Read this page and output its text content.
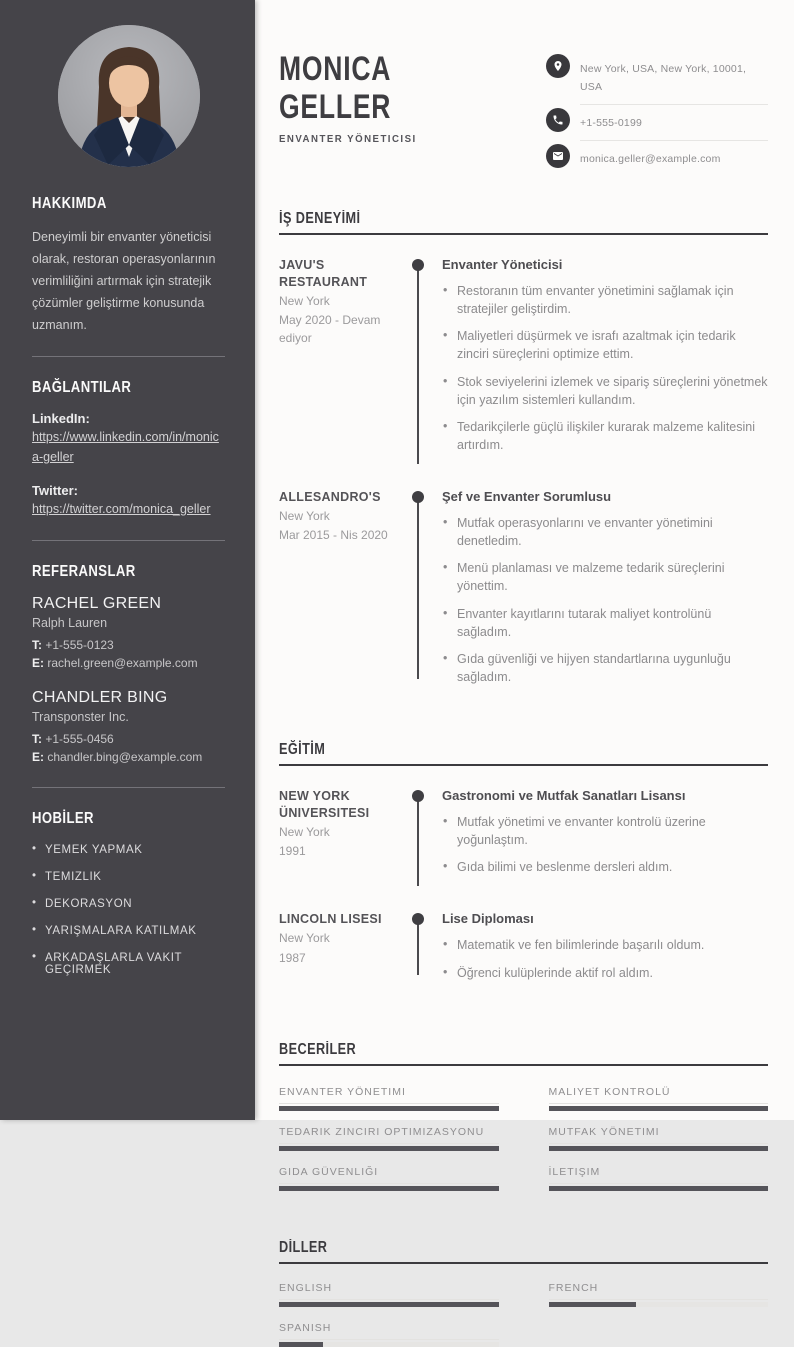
HAKKIMDA

Deneyimli bir envanter yöneticisi olarak, restoran operasyonlarının verimliliğini artırmak için stratejik çözümler geliştirme konusunda uzmanım.

BAĞLANTILAR
LinkedIn:
https://www.linkedin.com/in/monica-geller
Twitter:
https://twitter.com/monica_geller
REFERANSLAR
RACHEL GREEN
Ralph Lauren
T: +1-555-0123
E: rachel.green@example.com
CHANDLER BING
Transponster Inc.
T: +1-555-0456
E: chandler.bing@example.com
HOBİLER
• YEMEK YAPMAK
• TEMIZLIK
• DEKORASYON
• YARIŞMALARA KATILMAK
• ARKADAŞLARLA VAKIT GEÇIRMEK
MONICA
GELLER
ENVANTER YÖNETICISI
New York, USA, New York, 10001, USA
+1-555-0199
monica.geller@example.com
İŞ DENEYİMİ
JAVU'S RESTAURANT
New York
May 2020 - Devam ediyor
Envanter Yöneticisi
• Restoranın tüm envanter yönetimini sağlamak için stratejiler geliştirdim.
• Maliyetleri düşürmek ve israfı azaltmak için tedarik zinciri süreçlerini optimize ettim.
• Stok seviyelerini izlemek ve sipariş süreçlerini yönetmek için yazılım sistemleri kullandım.
• Tedarikçilerle güçlü ilişkiler kurarak malzeme kalitesini artırdım.
ALLESANDRO'S
New York
Mar 2015 - Nis 2020
Şef ve Envanter Sorumlusu
• Mutfak operasyonlarını ve envanter yönetimini denetledim.
• Menü planlaması ve malzeme tedarik süreçlerini yönettim.
• Envanter kayıtlarını tutarak maliyet kontrolünü sağladım.
• Gıda güvenliği ve hijyen standartlarına uygunluğu sağladım.
EĞİTİM
NEW YORK ÜNIVERSITESI
New York
1991
Gastronomi ve Mutfak Sanatları Lisansı
• Mutfak yönetimi ve envanter kontrolü üzerine yoğunlaştım.
• Gıda bilimi ve beslenme dersleri aldım.
LINCOLN LISESI
New York
1987
Lise Diploması
• Matematik ve fen bilimlerinde başarılı oldum.
• Öğrenci kulüplerinde aktif rol aldım.
BECERİLER
ENVANTER YÖNETIMI	MALIYET KONTROLÜ
TEDARIK ZINCIRI OPTIMIZASYONU	MUTFAK YÖNETIMI
GIDA GÜVENLIĞI	İLETIŞIM
DİLLER
ENGLISH	FRENCH
SPANISH
